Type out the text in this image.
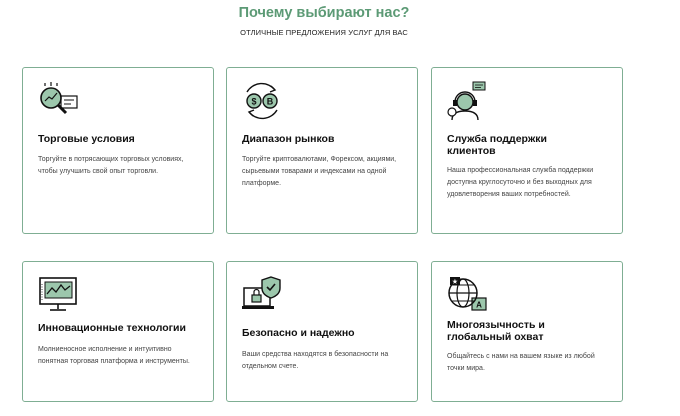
Почему выбирают нас?
ОТЛИЧНЫЕ ПРЕДЛОЖЕНИЯ УСЛУГ ДЛЯ ВАС
Торговые условия
Торгуйте в потрясающих торговых условиях, чтобы улучшить свой опыт торговли.
$ B
Диапазон рынков
Торгуйте криптовалютами, Форексом, акциями, сырьевыми товарами и индексами на одной платформе.
Служба поддержки клиентов
Наша профессиональная служба поддержки доступна круглосуточно и без выходных для удовлетворения ваших потребностей.
Инновационные технологии
Молниеносное исполнение и интуитивно понятная торговая платформа и инструменты.
Безопасно и надежно
Ваши средства находятся в безопасности на отдельном счете.
A
★
Многоязычность и глобальный охват
Общайтесь с нами на вашем языке из любой точки мира.
